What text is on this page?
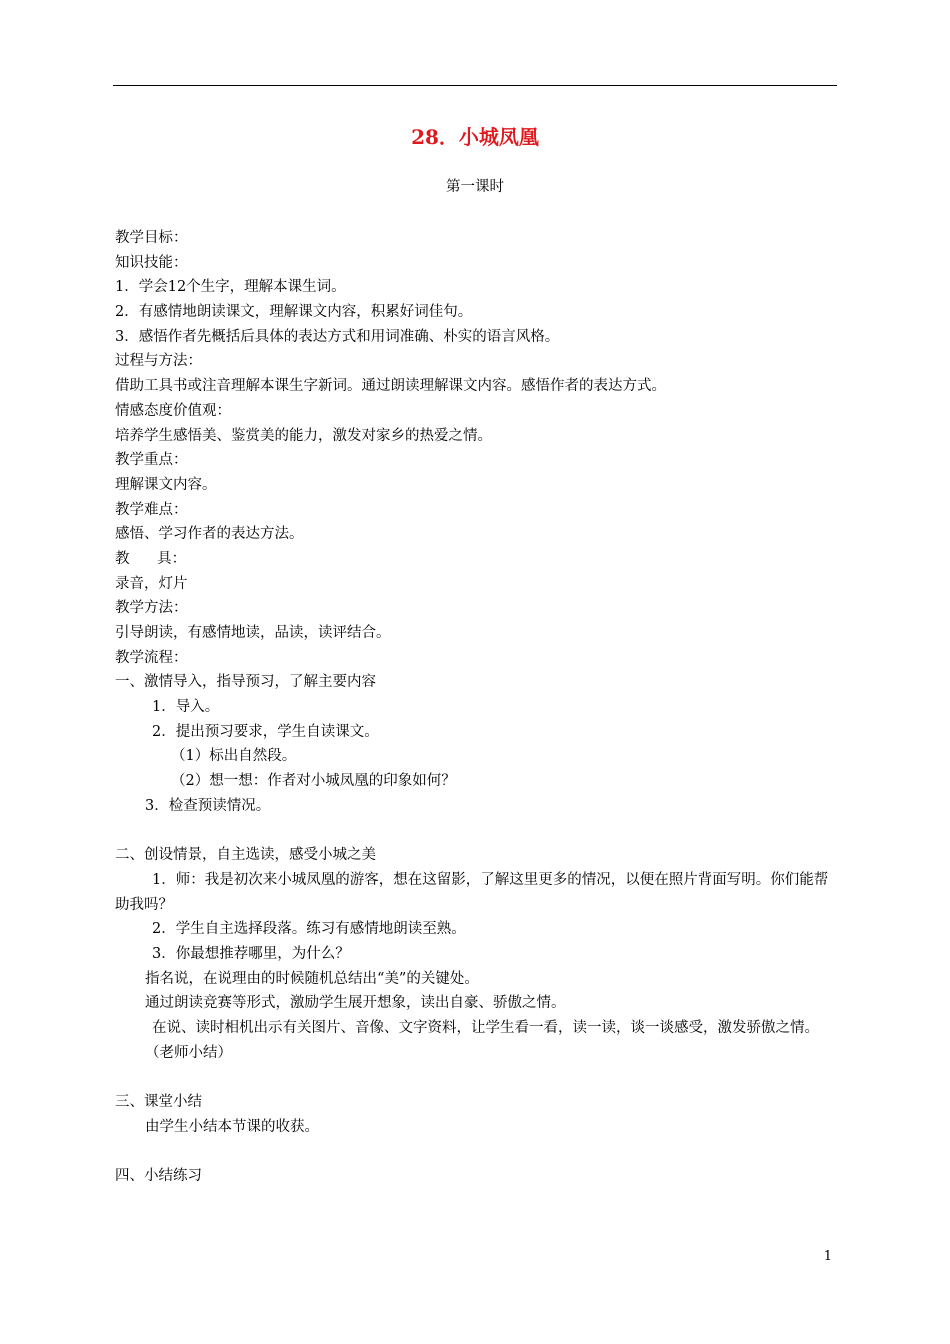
28．小城凤凰
第一课时
教学目标：
知识技能：
1．学会12个生字，理解本课生词。
2．有感情地朗读课文，理解课文内容，积累好词佳句。
3．感悟作者先概括后具体的表达方式和用词准确、朴实的语言风格。
过程与方法：
借助工具书或注音理解本课生字新词。通过朗读理解课文内容。感悟作者的表达方式。
情感态度价值观：
培养学生感悟美、鉴赏美的能力，激发对家乡的热爱之情。
教学重点：
理解课文内容。
教学难点：
感悟、学习作者的表达方法。
教      具：
录音，灯片
教学方法：
引导朗读，有感情地读，品读，读评结合。
教学流程：
一、激情导入，指导预习，了解主要内容
1．导入。
2．提出预习要求，学生自读课文。
（1）标出自然段。
（2）想一想：作者对小城凤凰的印象如何？
3．检查预读情况。
二、创设情景，自主选读，感受小城之美
1．师：我是初次来小城凤凰的游客，想在这留影，了解这里更多的情况，以便在照片背面写明。你们能帮助我吗？
2．学生自主选择段落。练习有感情地朗读至熟。
3．你最想推荐哪里，为什么？
指名说，在说理由的时候随机总结出“美”的关键处。
通过朗读竞赛等形式，激励学生展开想象，读出自豪、骄傲之情。
在说、读时相机出示有关图片、音像、文字资料，让学生看一看，读一读，谈一谈感受，激发骄傲之情。
（老师小结）
三、课堂小结
由学生小结本节课的收获。
四、小结练习
1
